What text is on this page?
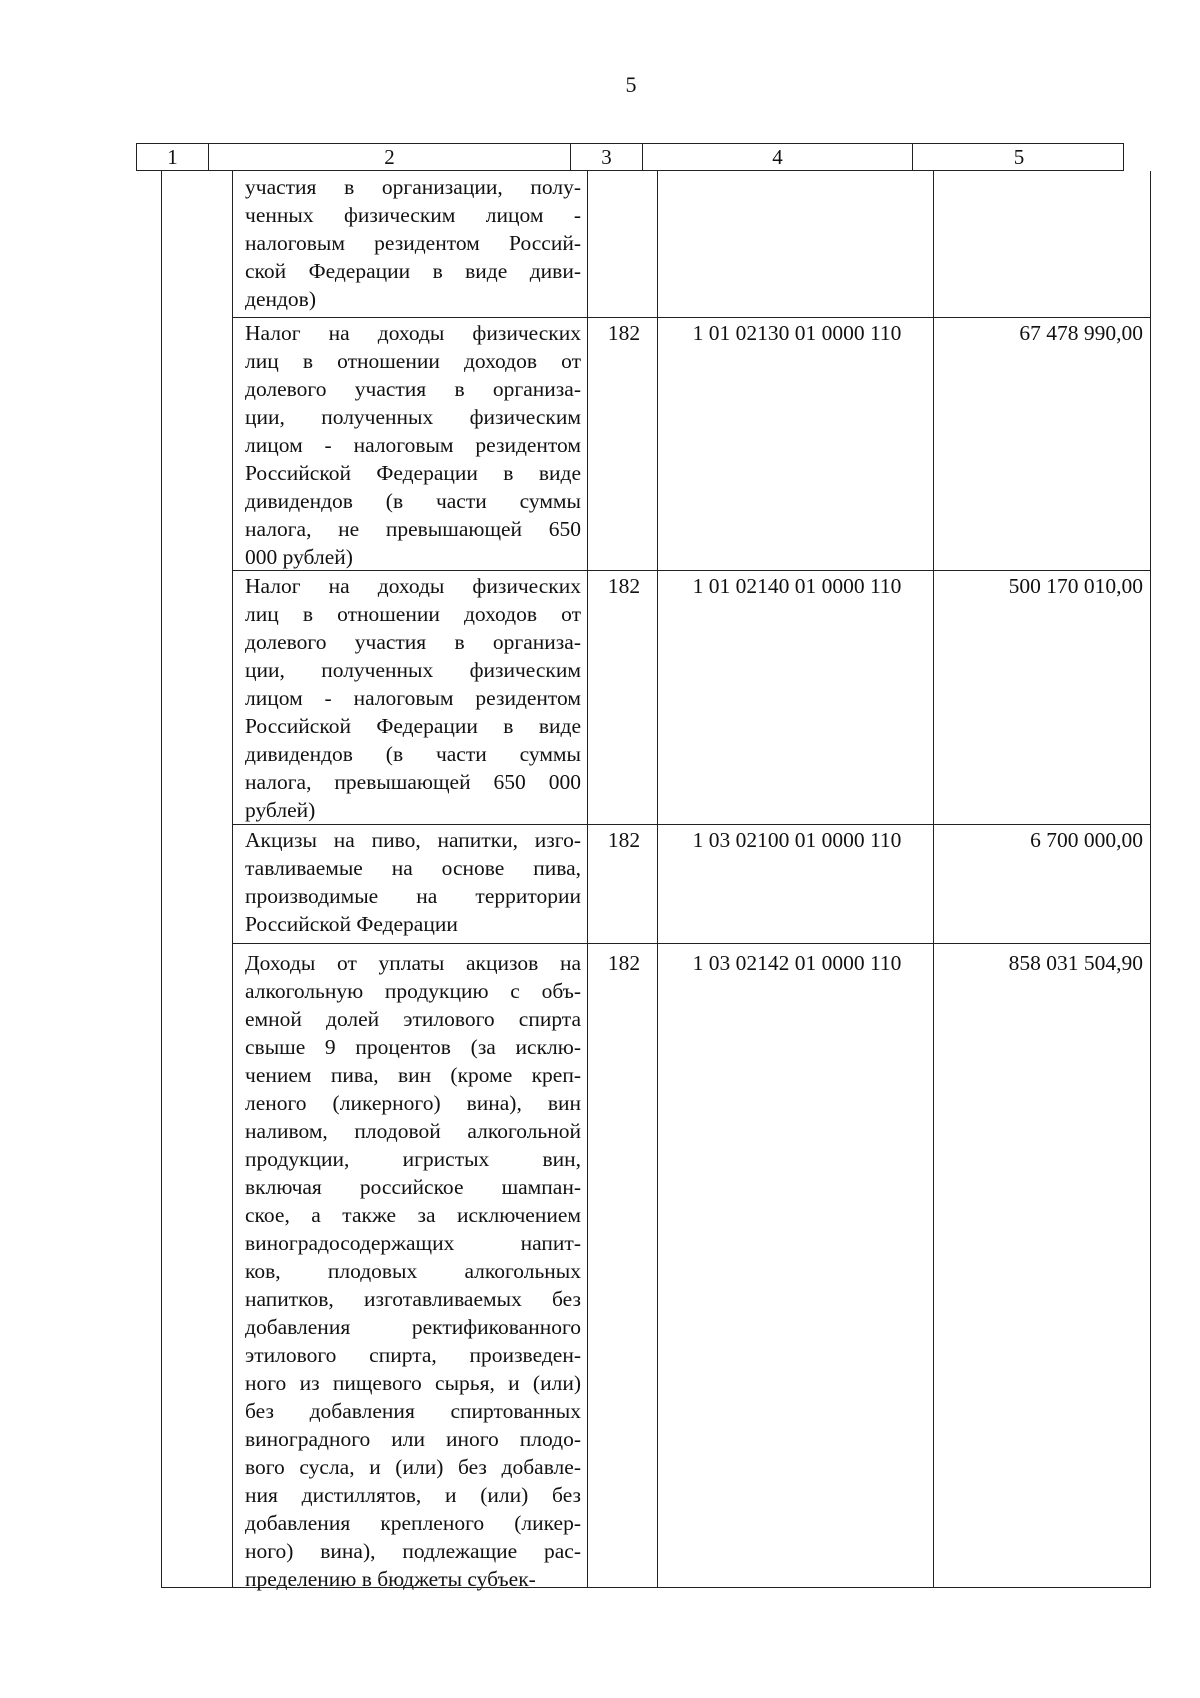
5
1	2	3	4	5
участия в организации, полу-
ченных физическим лицом -
налоговым резидентом Россий-
ской Федерации в виде диви-
дендов)
Налог на доходы физических
лиц в отношении доходов от
долевого участия в организа-
ции, полученных физическим
лицом - налоговым резидентом
Российской Федерации в виде
дивидендов (в части суммы
налога, не превышающей 650
000 рублей)
182	1 01 02130 01 0000 110	67 478 990,00
Налог на доходы физических
лиц в отношении доходов от
долевого участия в организа-
ции, полученных физическим
лицом - налоговым резидентом
Российской Федерации в виде
дивидендов (в части суммы
налога, превышающей 650 000
рублей)
182	1 01 02140 01 0000 110	500 170 010,00
Акцизы на пиво, напитки, изго-
тавливаемые на основе пива,
производимые на территории
Российской Федерации
182	1 03 02100 01 0000 110	6 700 000,00
Доходы от уплаты акцизов на
алкогольную продукцию с объ-
емной долей этилового спирта
свыше 9 процентов (за исклю-
чением пива, вин (кроме креп-
леного (ликерного) вина), вин
наливом, плодовой алкогольной
продукции, игристых вин,
включая российское шампан-
ское, а также за исключением
виноградосодержащих напит-
ков, плодовых алкогольных
напитков, изготавливаемых без
добавления ректификованного
этилового спирта, произведен-
ного из пищевого сырья, и (или)
без добавления спиртованных
виноградного или иного плодо-
вого сусла, и (или) без добавле-
ния дистиллятов, и (или) без
добавления крепленого (ликер-
ного) вина), подлежащие рас-
пределению в бюджеты субъек-
182	1 03 02142 01 0000 110	858 031 504,90
